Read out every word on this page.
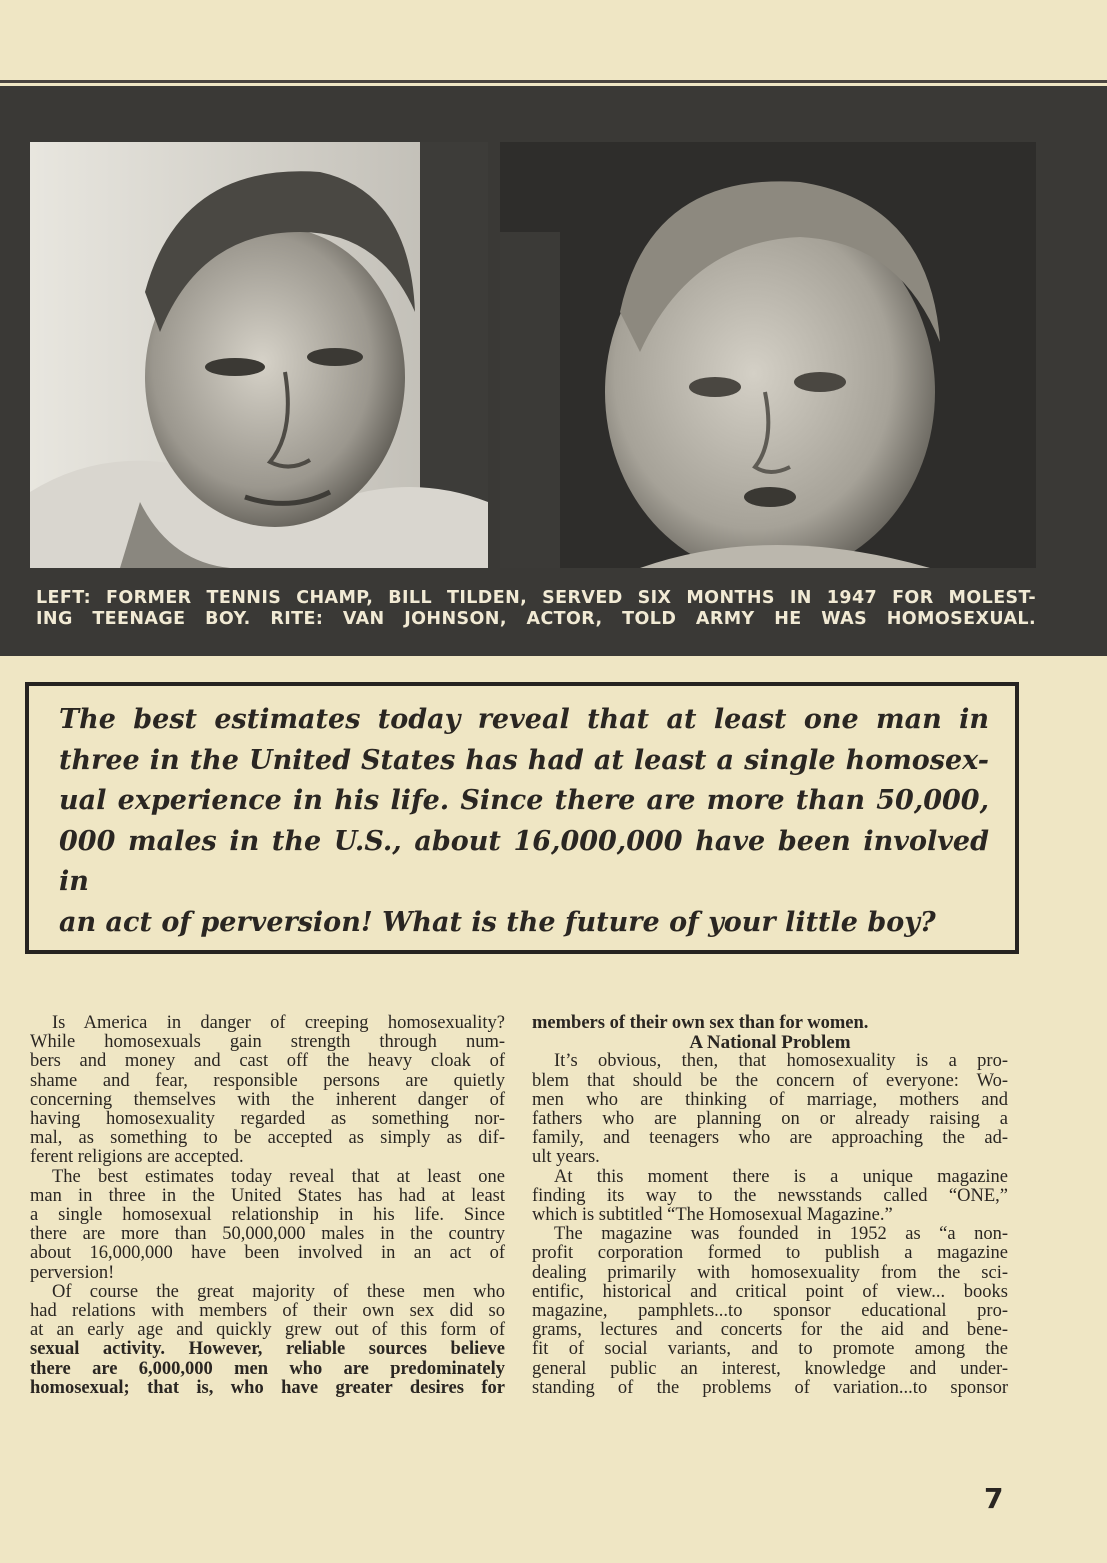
LEFT: FORMER TENNIS CHAMP, BILL TILDEN, SERVED SIX MONTHS IN 1947 FOR MOLEST-
ING TEENAGE BOY. RITE: VAN JOHNSON, ACTOR, TOLD ARMY HE WAS HOMOSEXUAL.
The best estimates today reveal that at least one man in
three in the United States has had at least a single homosex-
ual experience in his life. Since there are more than 50,000,
000 males in the U.S., about 16,000,000 have been involved in
an act of perversion! What is the future of your little boy?
Is America in danger of creeping homosexuality?
While homosexuals gain strength through num-
bers and money and cast off the heavy cloak of
shame and fear, responsible persons are quietly
concerning themselves with the inherent danger of
having homosexuality regarded as something nor-
mal, as something to be accepted as simply as dif-
ferent religions are accepted.
The best estimates today reveal that at least one
man in three in the United States has had at least
a single homosexual relationship in his life. Since
there are more than 50,000,000 males in the country
about 16,000,000 have been involved in an act of
perversion!
Of course the great majority of these men who
had relations with members of their own sex did so
at an early age and quickly grew out of this form of
sexual activity. However, reliable sources believe
there are 6,000,000 men who are predominately
homosexual; that is, who have greater desires for
members of their own sex than for women.
A National Problem
It’s obvious, then, that homosexuality is a pro-
blem that should be the concern of everyone: Wo-
men who are thinking of marriage, mothers and
fathers who are planning on or already raising a
family, and teenagers who are approaching the ad-
ult years.
At this moment there is a unique magazine
finding its way to the newsstands called “ONE,”
which is subtitled “The Homosexual Magazine.”
The magazine was founded in 1952 as “a non-
profit corporation formed to publish a magazine
dealing primarily with homosexuality from the sci-
entific, historical and critical point of view... books
magazine, pamphlets...to sponsor educational pro-
grams, lectures and concerts for the aid and bene-
fit of social variants, and to promote among the
general public an interest, knowledge and under-
standing of the problems of variation...to sponsor
7
